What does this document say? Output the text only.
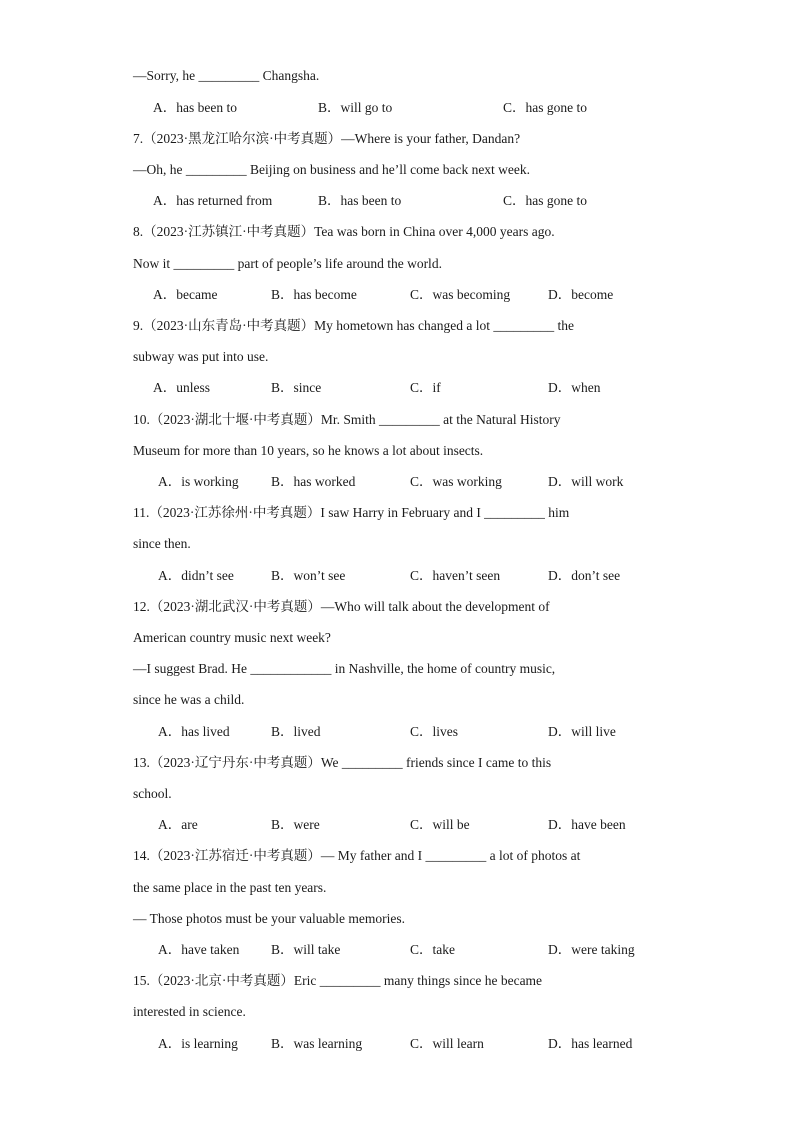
—Sorry, he _________ Changsha.
A．has been to	B．will go to	C．has gone to
7.（2023·黑龙江哈尔滨·中考真题）—Where is your father, Dandan?
—Oh, he _________ Beijing on business and he’ll come back next week.
A．has returned from	B．has been to	C．has gone to
8.（2023·江苏镇江·中考真题）Tea was born in China over 4,000 years ago.
Now it _________ part of people’s life around the world.
A．became	B．has become	C．was becoming	D．become
9.（2023·山东青岛·中考真题）My hometown has changed a lot _________ the
subway was put into use.
A．unless	B．since	C．if	D．when
10.（2023·湖北十堰·中考真题）Mr. Smith _________ at the Natural History
Museum for more than 10 years, so he knows a lot about insects.
A．is working B．has worked	C．was working	D．will work
11.（2023·江苏徐州·中考真题）I saw Harry in February and I _________ him
since then.
A．didn’t see	B．won’t see	C．haven’t seen	D．don’t see
12.（2023·湖北武汉·中考真题）—Who will talk about the development of
American country music next week?
—I suggest Brad. He ____________ in Nashville, the home of country music,
since he was a child.
A．has lived	B．lived	C．lives	D．will live
13.（2023·辽宁丹东·中考真题）We _________ friends since I came to this
school.
A．are	B．were	C．will be	D．have been
14.（2023·江苏宿迁·中考真题）— My father and I _________ a lot of photos at
the same place in the past ten years.
— Those photos must be your valuable memories.
A．have taken B．will take	C．take	D．were taking
15.（2023·北京·中考真题）Eric _________ many things since he became
interested in science.
A．is learning B．was learning	C．will learn	D．has learned
